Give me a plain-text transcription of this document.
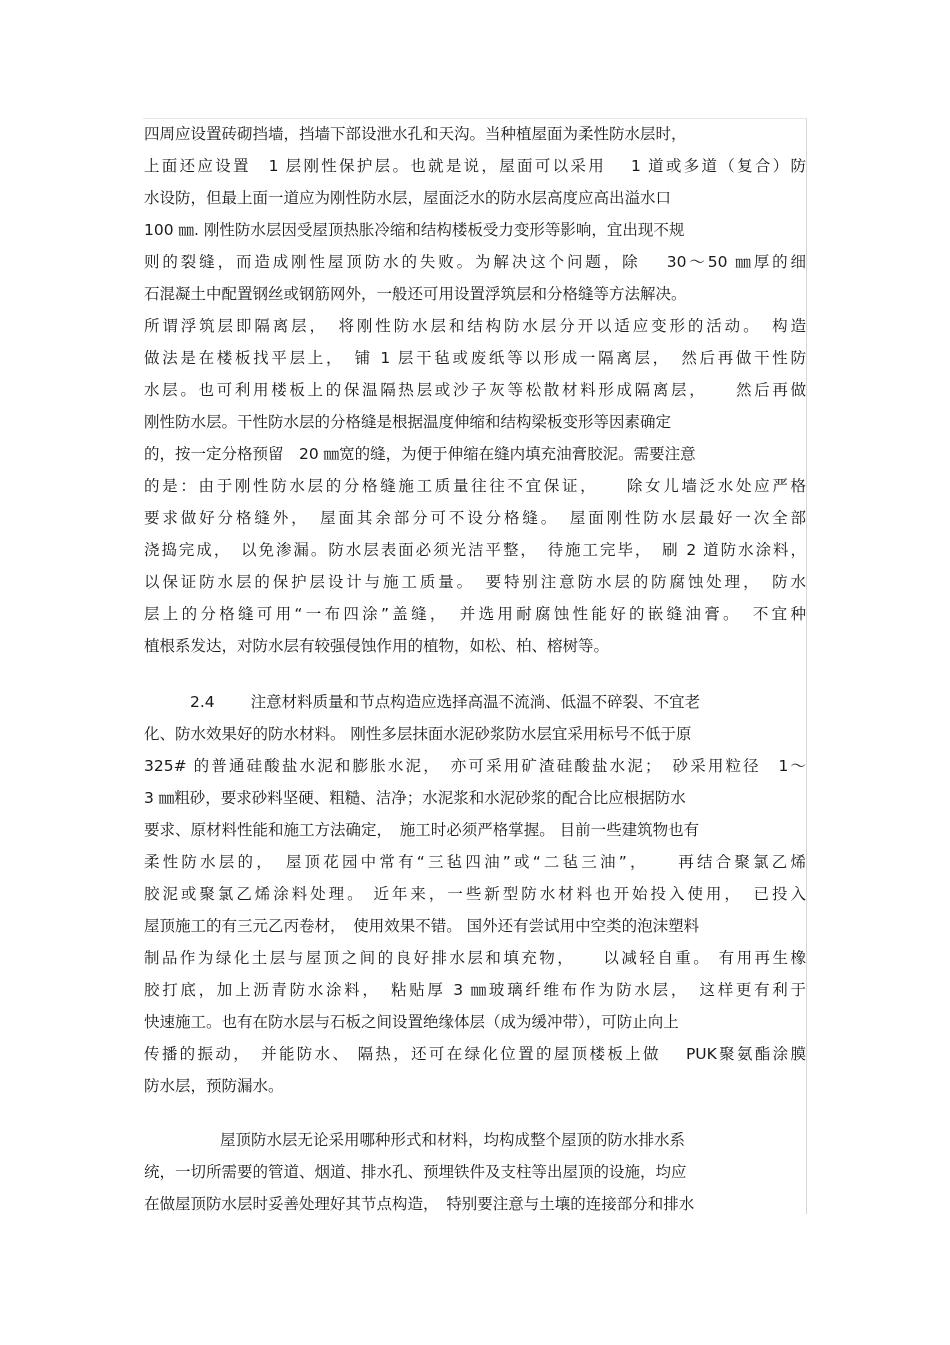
四周应设置砖砌挡墙，挡墙下部设泄水孔和天沟。当种植屋面为柔性防水层时，
上面还应设置　1 层刚性保护层。也就是说，屋面可以采用　 1 道或多道（复合）防
水设防，但最上面一道应为刚性防水层，屋面泛水的防水层高度应高出溢水口
100 ㎜. 刚性防水层因受屋顶热胀冷缩和结构楼板受力变形等影响，宜出现不规
则的裂缝，而造成刚性屋顶防水的失败。为解决这个问题，除　 30～50 ㎜厚的细
石混凝土中配置钢丝或钢筋网外，一般还可用设置浮筑层和分格缝等方法解决。
所谓浮筑层即隔离层，　将刚性防水层和结构防水层分开以适应变形的活动。　构造
做法是在楼板找平层上，　铺 1 层干毡或废纸等以形成一隔离层，　然后再做干性防
水层。也可利用楼板上的保温隔热层或沙子灰等松散材料形成隔离层，　　然后再做
刚性防水层。干性防水层的分格缝是根据温度伸缩和结构梁板变形等因素确定
的，按一定分格预留　20 ㎜宽的缝，为便于伸缩在缝内填充油膏胶泥。需要注意
的是：由于刚性防水层的分格缝施工质量往往不宜保证，　　除女儿墙泛水处应严格
要求做好分格缝外，　屋面其余部分可不设分格缝。　屋面刚性防水层最好一次全部
浇捣完成，　以免渗漏。防水层表面必须光洁平整，　待施工完毕，　刷 2 道防水涂料，
以保证防水层的保护层设计与施工质量。　要特别注意防水层的防腐蚀处理，　防水
层上的分格缝可用“一布四涂”盖缝，　并选用耐腐蚀性能好的嵌缝油膏。　不宜种
植根系发达，对防水层有较强侵蚀作用的植物，如松、柏、榕树等。
2.4　　 注意材料质量和节点构造应选择高温不流淌、低温不碎裂、不宜老
化、防水效果好的防水材料。 刚性多层抹面水泥砂浆防水层宜采用标号不低于原
325# 的普通硅酸盐水泥和膨胀水泥，　亦可采用矿渣硅酸盐水泥；　砂采用粒径　1～
3 ㎜粗砂，要求砂料坚硬、粗糙、洁净；水泥浆和水泥砂浆的配合比应根据防水
要求、原材料性能和施工方法确定，　施工时必须严格掌握。 目前一些建筑物也有
柔性防水层的，　屋顶花园中常有“三毡四油”或“二毡三油”，　　再结合聚氯乙烯
胶泥或聚氯乙烯涂料处理。 近年来，一些新型防水材料也开始投入使用，　已投入
屋顶施工的有三元乙丙卷材，　使用效果不错。 国外还有尝试用中空类的泡沫塑料
制品作为绿化土层与屋顶之间的良好排水层和填充物，　　以减轻自重。 有用再生橡
胶打底，加上沥青防水涂料，　粘贴厚 3 ㎜玻璃纤维布作为防水层，　这样更有利于
快速施工。也有在防水层与石板之间设置绝缘体层（成为缓冲带），可防止向上
传播的振动，　并能防水、 隔热，还可在绿化位置的屋顶楼板上做　 PUK聚氨酯涂膜
防水层，预防漏水。
屋顶防水层无论采用哪种形式和材料，均构成整个屋顶的防水排水系
统，一切所需要的管道、烟道、排水孔、预埋铁件及支柱等出屋顶的设施，均应
在做屋顶防水层时妥善处理好其节点构造，　特别要注意与土壤的连接部分和排水
